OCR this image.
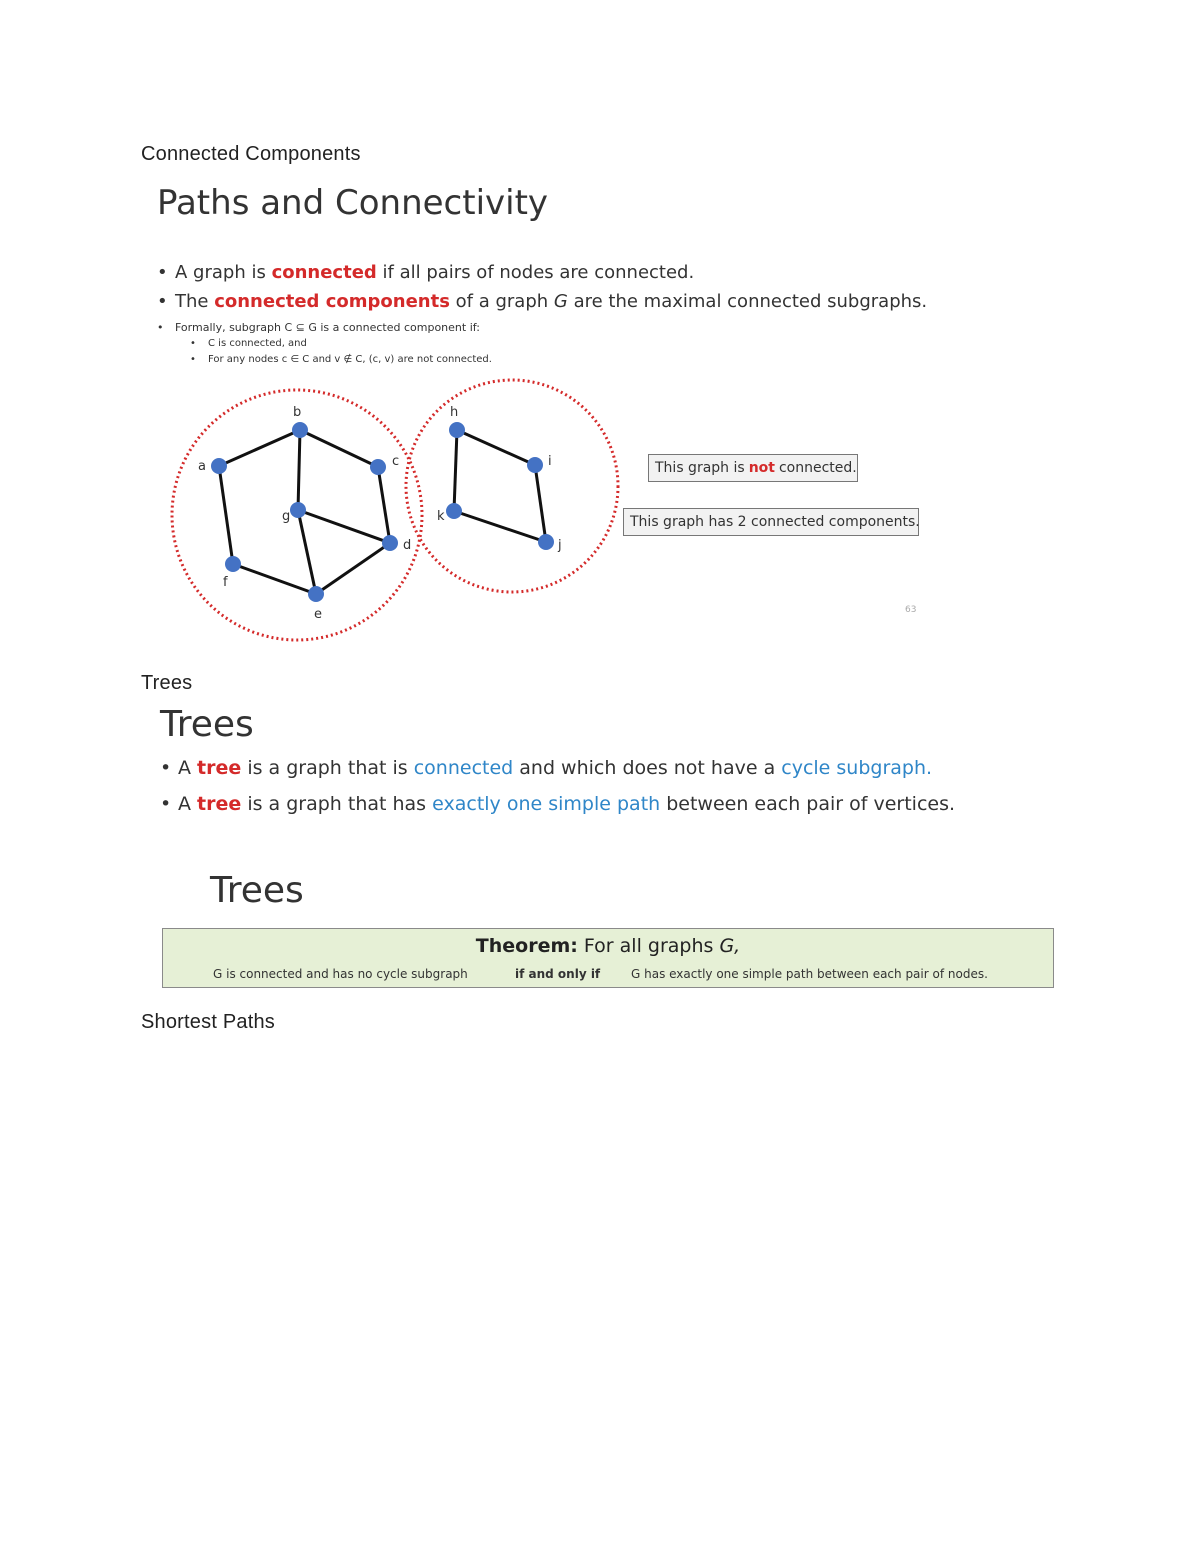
Connected Components
Paths and Connectivity
• A graph is connected if all pairs of nodes are connected.
• The connected components of a graph G are the maximal connected subgraphs.
• Formally, subgraph C ⊆ G is a connected component if:
• C is connected, and
• For any nodes c ∈ C and v ∉ C, (c, v) are not connected.
a
b
c
d
e
f
g
h
i
j
k
This graph is not connected.
This graph has 2 connected components.
63
Trees
Trees
• A tree is a graph that is connected and which does not have a cycle subgraph.
• A tree is a graph that has exactly one simple path between each pair of vertices.
Trees
Theorem: For all graphs G,
G is connected and has no cycle subgraph	if and only if	G has exactly one simple path between each pair of nodes.
Shortest Paths
